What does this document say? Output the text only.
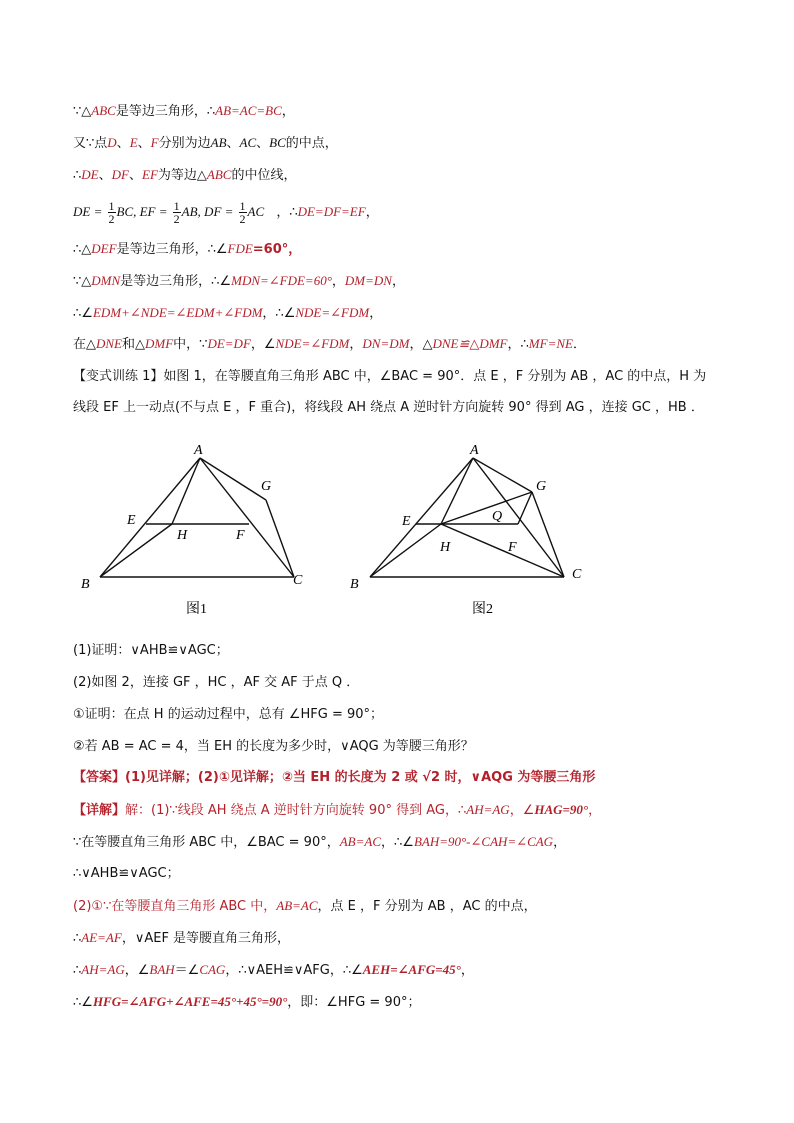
∵△ABC是等边三角形，∴AB=AC=BC，
又∵点D、E、F分别为边AB、AC、BC的中点，
∴DE、DF、EF为等边△ABC的中位线，
DE = $\frac{1}{2}$ BC, EF = $\frac{1}{2}$ AB, DF = $\frac{1}{2}$ AC ，∴DE=DF=EF，
∴△DEF是等边三角形，∴∠FDE=60°，
∵△DMN是等边三角形，∴∠MDN=∠FDE=60°，DM=DN，
∴∠EDM+∠NDE=∠EDM+∠FDM，∴∠NDE=∠FDM，
在△DNE和△DMF中，∵DE=DF，∠NDE=∠FDM，DN=DM，△DNE≌△DMF，∴MF=NE．
【变式训练 1】如图 1，在等腰直角三角形 ABC 中，∠BAC = 90°．点 E ，F 分别为 AB ，AC 的中点，H 为
线段 EF 上一动点(不与点 E ，F 重合)，将线段 AH 绕点 A 逆时针方向旋转 90° 得到 AG ，连接 GC ，HB ．
A
B	C
E
F
G
H
图1
A
B
C
E
F
G
H
Q
图2
(1)证明：∨AHB≌∨AGC；
(2)如图 2，连接 GF ，HC ，AF 交 AF 于点 Q ．
①证明：在点 H 的运动过程中，总有 ∠HFG = 90°；
②若 AB = AC = 4，当 EH 的长度为多少时，∨AQG 为等腰三角形？
【答案】(1)见详解；(2)①见详解；②当 EH 的长度为 2 或 √2 时，∨AQG 为等腰三角形
【详解】解：(1)∵线段 AH 绕点 A 逆时针方向旋转 90° 得到 AG，∴AH=AG，∠HAG=90°，
∵在等腰直角三角形 ABC 中，∠BAC = 90°，AB=AC，∴∠BAH=90°-∠CAH=∠CAG，
∴∨AHB≌∨AGC；
(2)①∵在等腰直角三角形 ABC 中，AB=AC，点 E ，F 分别为 AB ，AC 的中点，
∴AE=AF，∨AEF 是等腰直角三角形，
∴AH=AG，∠BAH＝∠CAG，∴∨AEH≌∨AFG，∴∠AEH=∠AFG=45°，
∴∠HFG=∠AFG+∠AFE=45°+45°=90°，即：∠HFG = 90°；
